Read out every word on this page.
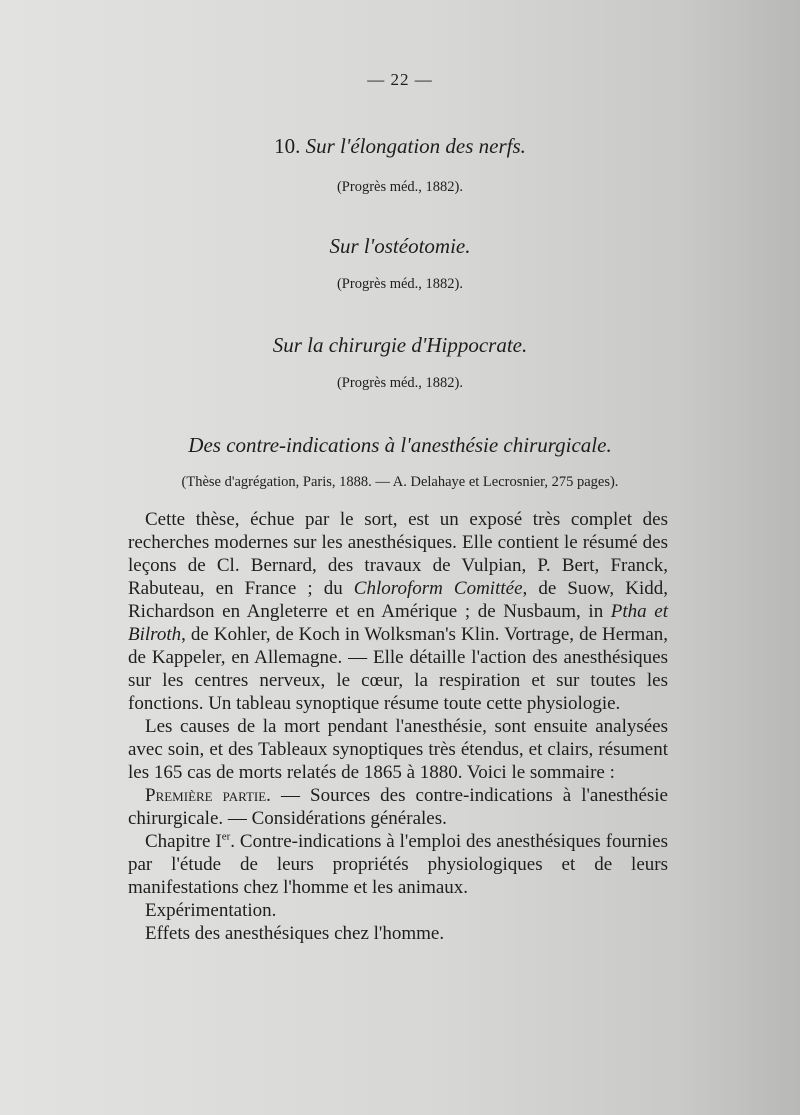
— 22 —
10. Sur l'élongation des nerfs.
(Progrès méd., 1882).
Sur l'ostéotomie.
(Progrès méd., 1882).
Sur la chirurgie d'Hippocrate.
(Progrès méd., 1882).
Des contre-indications à l'anesthésie chirurgicale.
(Thèse d'agrégation, Paris, 1888. — A. Delahaye et Lecrosnier, 275 pages).

Cette thèse, échue par le sort, est un exposé très complet des recherches modernes sur les anesthésiques. Elle contient le résumé des leçons de Cl. Bernard, des travaux de Vulpian, P. Bert, Franck, Rabuteau, en France ; du Chloroform Comittée, de Suow, Kidd, Richardson en Angleterre et en Amérique ; de Nusbaum, in Ptha et Bilroth, de Kohler, de Koch in Wolksman's Klin. Vortrage, de Herman, de Kappeler, en Allemagne. — Elle détaille l'action des anesthésiques sur les centres nerveux, le cœur, la respiration et sur toutes les fonctions. Un tableau synoptique résume toute cette physiologie.

Les causes de la mort pendant l'anesthésie, sont ensuite analysées avec soin, et des Tableaux synoptiques très étendus, et clairs, résument les 165 cas de morts relatés de 1865 à 1880. Voici le sommaire :

Première partie. — Sources des contre-indications à l'anesthésie chirurgicale. — Considérations générales.

Chapitre Ier. Contre-indications à l'emploi des anesthésiques fournies par l'étude de leurs propriétés physiologiques et de leurs manifestations chez l'homme et les animaux.

Expérimentation.

Effets des anesthésiques chez l'homme.
